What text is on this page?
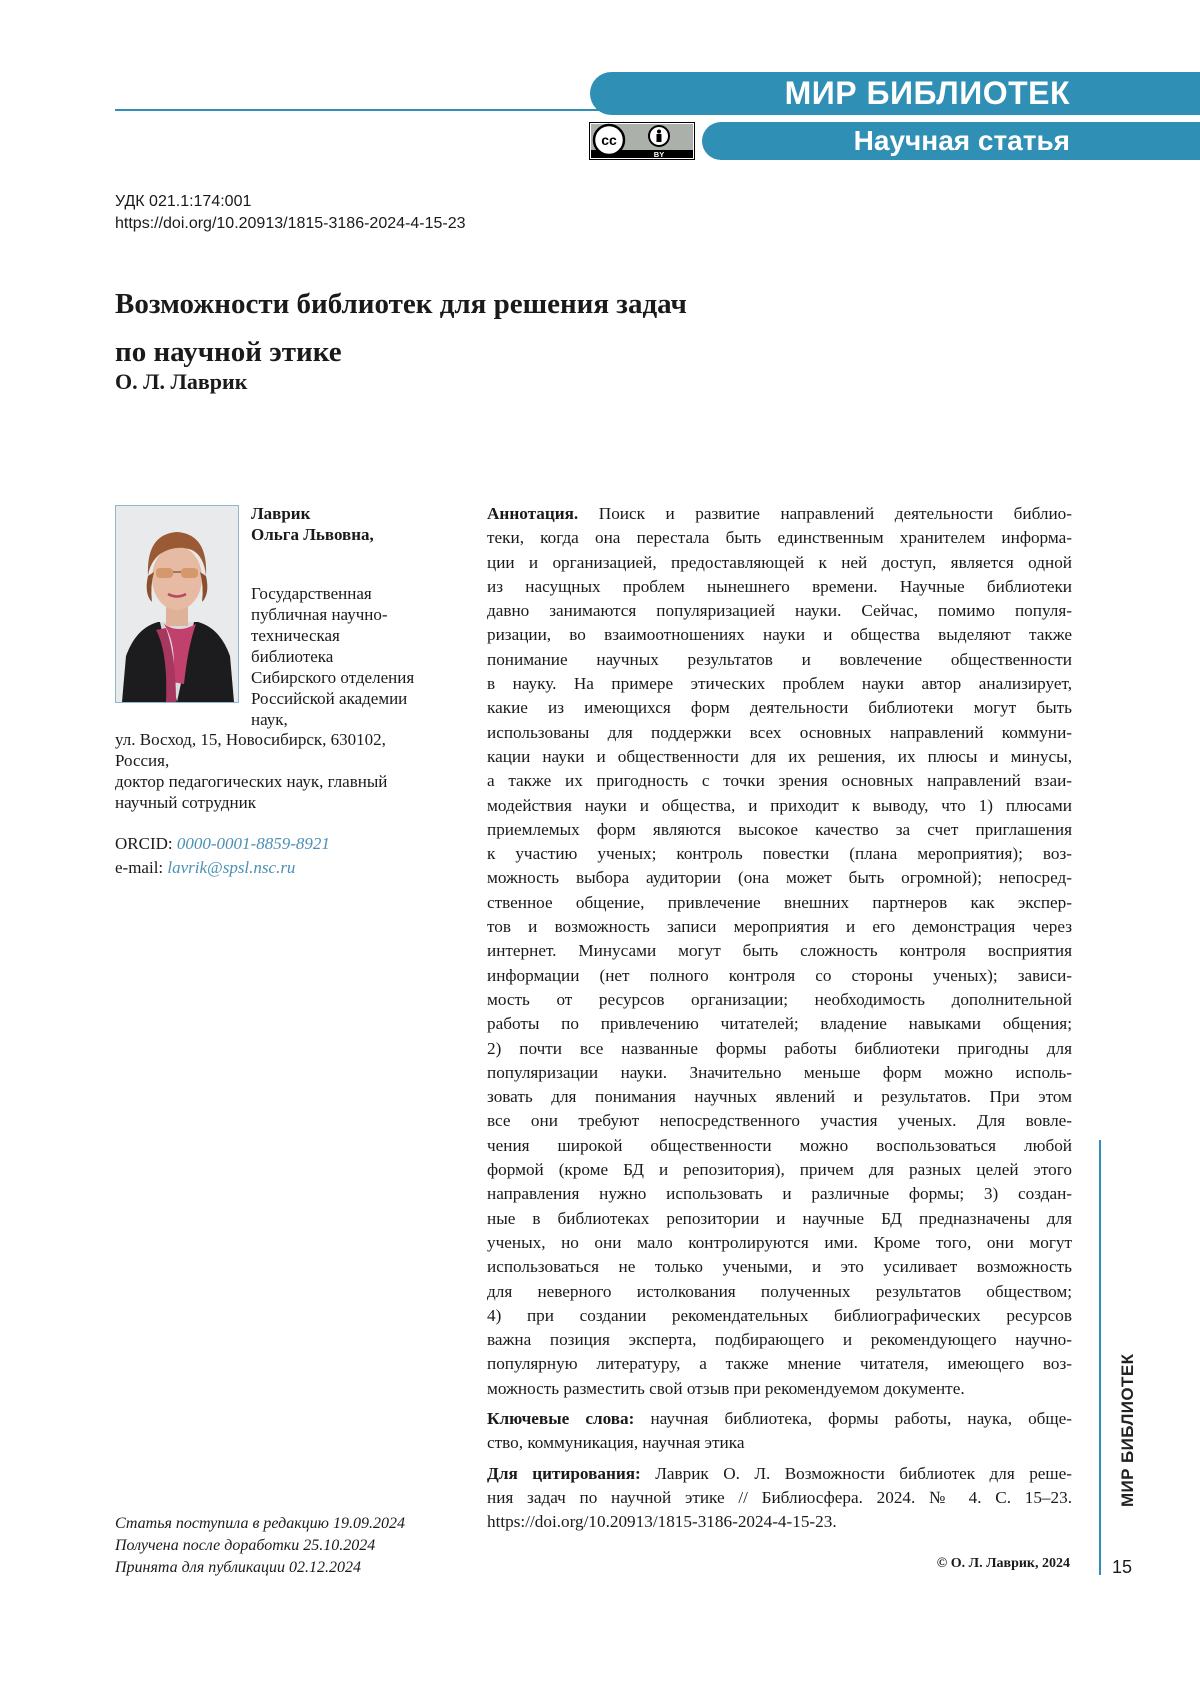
МИР БИБЛИОТЕК
Научная статья
cc
BY
УДК 021.1:174:001
https://doi.org/10.20913/1815-3186-2024-4-15-23
Возможности библиотек для решения задач
по научной этике
О. Л. Лаврик
Лаврик
Ольга Львовна,
Государственная
публичная научно-
техническая
библиотека
Сибирского отделения
Российской академии
наук,
ул. Восход, 15, Новосибирск, 630102,
Россия,
доктор педагогических наук, главный
научный сотрудник
ORCID: 0000-0001-8859-8921
e-mail: lavrik@spsl.nsc.ru
Аннотация. Поиск и развитие направлений деятельности библио-
теки, когда она перестала быть единственным хранителем информа-
ции и организацией, предоставляющей к ней доступ, является одной
из насущных проблем нынешнего времени. Научные библиотеки
давно занимаются популяризацией науки. Сейчас, помимо популя-
ризации, во взаимоотношениях науки и общества выделяют также
понимание научных результатов и вовлечение общественности
в науку. На примере этических проблем науки автор анализирует,
какие из имеющихся форм деятельности библиотеки могут быть
использованы для поддержки всех основных направлений коммуни-
кации науки и общественности для их решения, их плюсы и минусы,
а также их пригодность с точки зрения основных направлений взаи-
модействия науки и общества, и приходит к выводу, что 1) плюсами
приемлемых форм являются высокое качество за счет приглашения
к участию ученых; контроль повестки (плана мероприятия); воз-
можность выбора аудитории (она может быть огромной); непосред-
ственное общение, привлечение внешних партнеров как экспер-
тов и возможность записи мероприятия и его демонстрация через
интернет. Минусами могут быть сложность контроля восприятия
информации (нет полного контроля со стороны ученых); зависи-
мость от ресурсов организации; необходимость дополнительной
работы по привлечению читателей; владение навыками общения;
2) почти все названные формы работы библиотеки пригодны для
популяризации науки. Значительно меньше форм можно исполь-
зовать для понимания научных явлений и результатов. При этом
все они требуют непосредственного участия ученых. Для вовле-
чения широкой общественности можно воспользоваться любой
формой (кроме БД и репозитория), причем для разных целей этого
направления нужно использовать и различные формы; 3) создан-
ные в библиотеках репозитории и научные БД предназначены для
ученых, но они мало контролируются ими. Кроме того, они могут
использоваться не только учеными, и это усиливает возможность
для неверного истолкования полученных результатов обществом;
4) при создании рекомендательных библиографических ресурсов
важна позиция эксперта, подбирающего и рекомендующего научно-
популярную литературу, а также мнение читателя, имеющего воз-
можность разместить свой отзыв при рекомендуемом документе.
Ключевые слова: научная библиотека, формы работы, наука, обще-
ство, коммуникация, научная этика
Для цитирования: Лаврик О. Л. Возможности библиотек для реше-
ния задач по научной этике // Библиосфера. 2024. № 4. С. 15–23.
https://doi.org/10.20913/1815-3186-2024-4-15-23.
Статья поступила в редакцию 19.09.2024
Получена после доработки 25.10.2024
Принята для публикации 02.12.2024	© О. Л. Лаврик, 2024
МИР БИБЛИОТЕК
15
